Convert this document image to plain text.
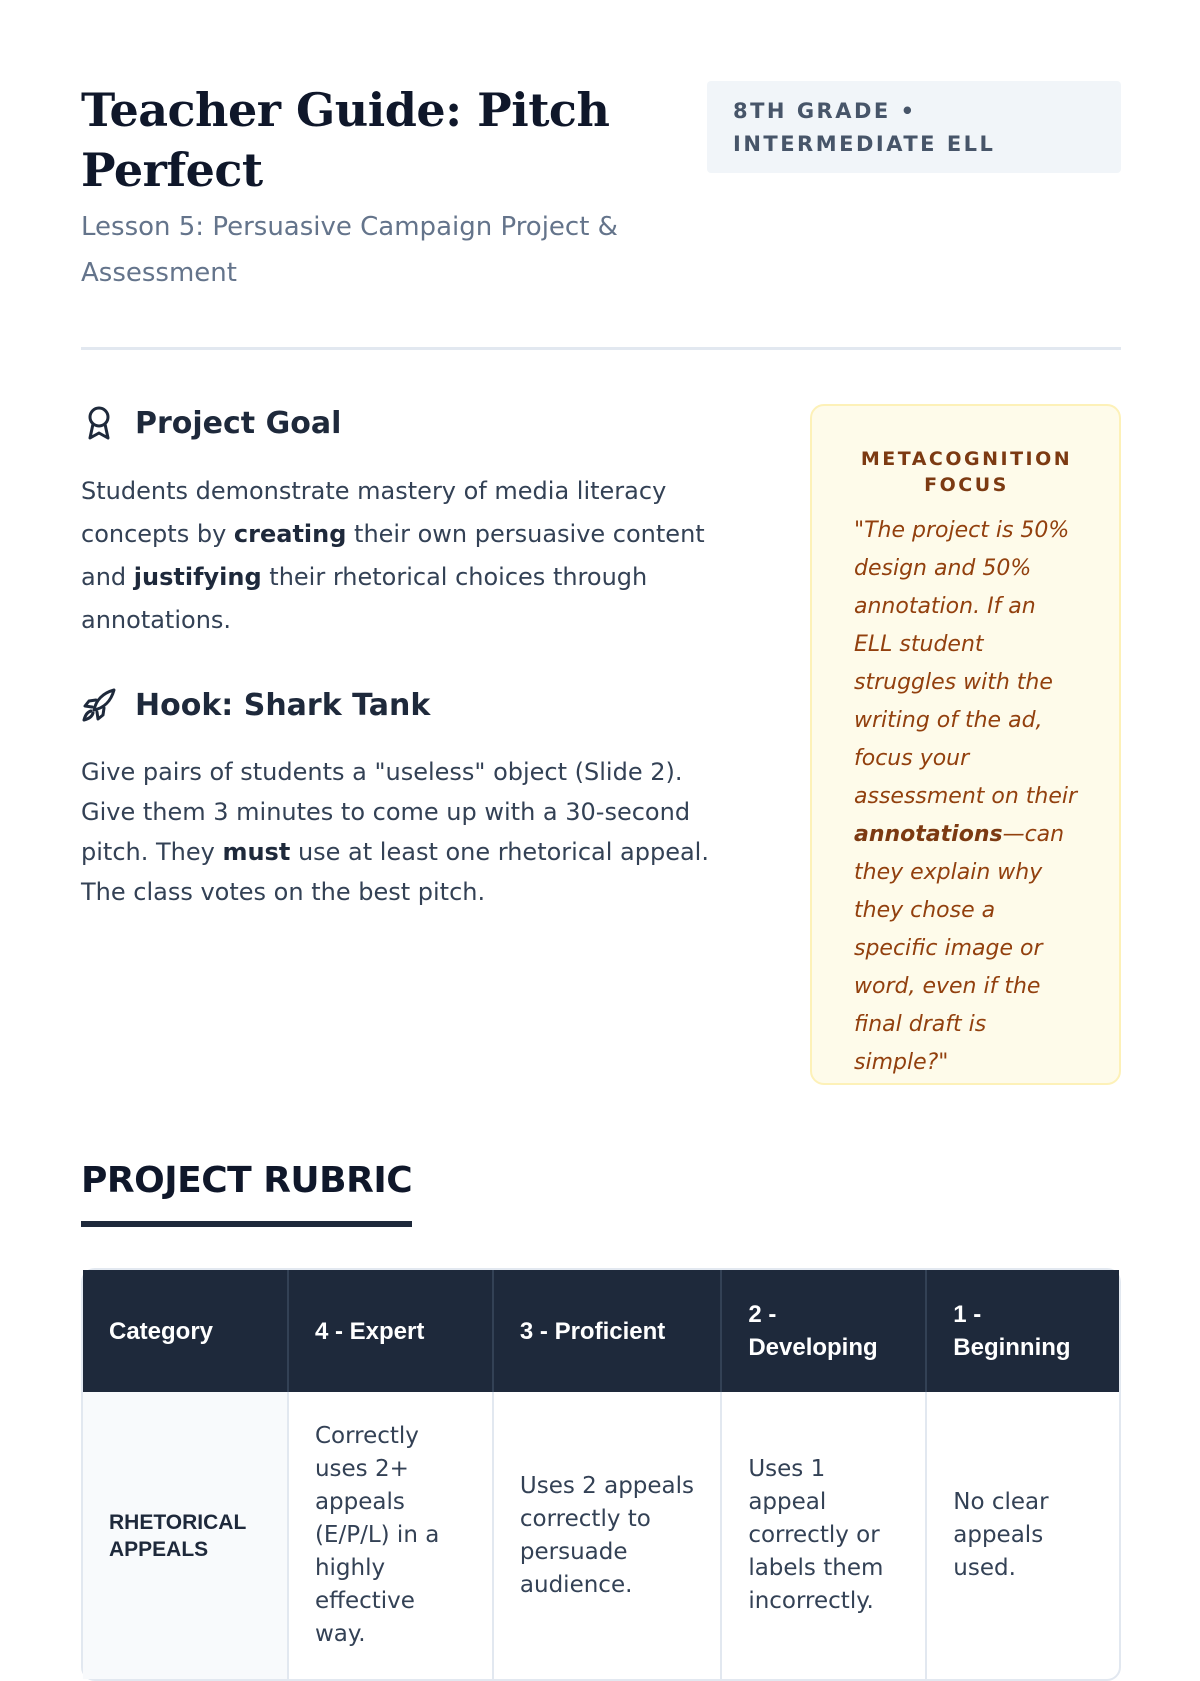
Teacher Guide: Pitch Perfect
Lesson 5: Persuasive Campaign Project & Assessment
8TH GRADE • INTERMEDIATE ELL
Project Goal

Students demonstrate mastery of media literacy concepts by creating their own persuasive content and justifying their rhetorical choices through annotations.

Hook: Shark Tank

Give pairs of students a "useless" object (Slide 2). Give them 3 minutes to come up with a 30-second pitch. They must use at least one rhetorical appeal. The class votes on the best pitch.

METACOGNITION FOCUS

"The project is 50% design and 50% annotation. If an ELL student struggles with the writing of the ad, focus your assessment on their annotations—can they explain why they chose a specific image or word, even if the final draft is simple?"

PROJECT RUBRIC
Category	4 - Expert	3 - Proficient	2 - Developing	1 - Beginning
RHETORICAL APPEALS	Correctly uses 2+ appeals (E/P/L) in a highly effective way.	Uses 2 appeals correctly to persuade audience.	Uses 1 appeal correctly or labels them incorrectly.	No clear appeals used.
